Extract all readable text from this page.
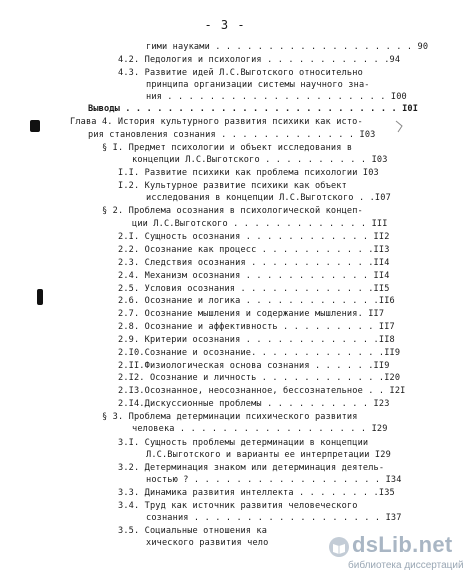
- 3 -
гими науками . . . . . . . . . . . . . . . . . . . 90
4.2. Педология и психология . . . . . . . . . . . .94
4.3. Развитие идей Л.С.Выготского относительно
принципа организации системы научного зна-
ния . . . . . . . . . . . . . . . . . . . . . I00
Выводы . . . . . . . . . . . . . . . . . . . . . . . . . . I0I
Глава 4. История культурного развития психики как исто-
рия становления сознания . . . . . . . . . . . . . I03
§ I. Предмет психологии и объект исследования в
концепции Л.С.Выготского . . . . . . . . . . I03
I.I. Развитие психики как проблема психологии I03
I.2. Культурное развитие психики как объект
исследования в концепции Л.С.Выготского . .I07
§ 2. Проблема осознания в психологической концеп-
ции Л.С.Выготского . . . . . . . . . . . . . III
2.I. Сущность осознания . . . . . . . . . . . . II2
2.2. Осознание как процесс . . . . . . . . . . .II3
2.3. Следствия осознания . . . . . . . . . . . .II4
2.4. Механизм осознания . . . . . . . . . . . . II4
2.5. Условия осознания . . . . . . . . . . . . .II5
2.6. Осознание и логика . . . . . . . . . . . . .II6
2.7. Осознание мышления и содержание мышления. II7
2.8. Осознание и аффективность . . . . . . . . . II7
2.9. Критерии осознания . . . . . . . . . . . . .II8
2.I0.Сознание и осознание. . . . . . . . . . . . .II9
2.II.Физиологическая основа сознания . . . . . .II9
2.I2. Осознание и личность . . . . . . . . . . . .I20
2.I3.Осознанное, неосознанное, бессознательное . . I2I
2.I4.Дискуссионные проблемы . . . . . . . . . . I23
§ 3. Проблема детерминации психического развития
человека . . . . . . . . . . . . . . . . . . I29
3.I. Сущность проблемы детерминации в концепции
Л.С.Выготского и варианты ее интерпретации I29
3.2. Детерминация знаком или детерминация деятель-
ностью ? . . . . . . . . . . . . . . . . . . I34
3.3. Динамика развития интеллекта . . . . . . . .I35
3.4. Труд как источник развития человеческого
сознания . . . . . . . . . . . . . . . . . . I37
3.5. Социальные отношения ка
хического развития чело	dsLib.net
библиотека диссертаций
